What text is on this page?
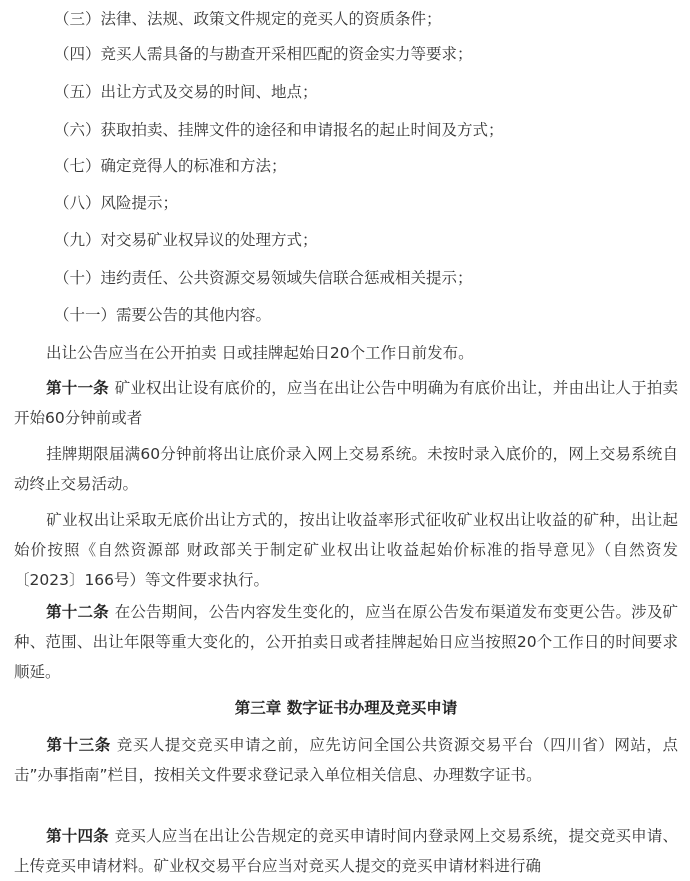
（三）法律、法规、政策文件规定的竞买人的资质条件；
（四）竞买人需具备的与勘查开采相匹配的资金实力等要求；
（五）出让方式及交易的时间、地点；
（六）获取拍卖、挂牌文件的途径和申请报名的起止时间及方式；
（七）确定竞得人的标准和方法；
（八）风险提示；
（九）对交易矿业权异议的处理方式；
（十）违约责任、公共资源交易领域失信联合惩戒相关提示；
（十一）需要公告的其他内容。
出让公告应当在公开拍卖 日或挂牌起始日20个工作日前发布。
第十一条 矿业权出让设有底价的，应当在出让公告中明确为有底价出让，并由出让人于拍卖开始60分钟前或者
挂牌期限届满60分钟前将出让底价录入网上交易系统。未按时录入底价的，网上交易系统自动终止交易活动。
矿业权出让采取无底价出让方式的，按出让收益率形式征收矿业权出让收益的矿种，出让起始价按照《自然资源部 财政部关于制定矿业权出让收益起始价标准的指导意见》（自然资发〔2023〕166号）等文件要求执行。
第十二条 在公告期间，公告内容发生变化的，应当在原公告发布渠道发布变更公告。涉及矿种、范围、出让年限等重大变化的，公开拍卖日或者挂牌起始日应当按照20个工作日的时间要求顺延。
第三章 数字证书办理及竞买申请
第十三条 竞买人提交竞买申请之前，应先访问全国公共资源交易平台（四川省）网站，点击”办事指南”栏目，按相关文件要求登记录入单位相关信息、办理数字证书。
第十四条 竞买人应当在出让公告规定的竞买申请时间内登录网上交易系统，提交竞买申请、上传竞买申请材料。矿业权交易平台应当对竞买人提交的竞买申请材料进行确
